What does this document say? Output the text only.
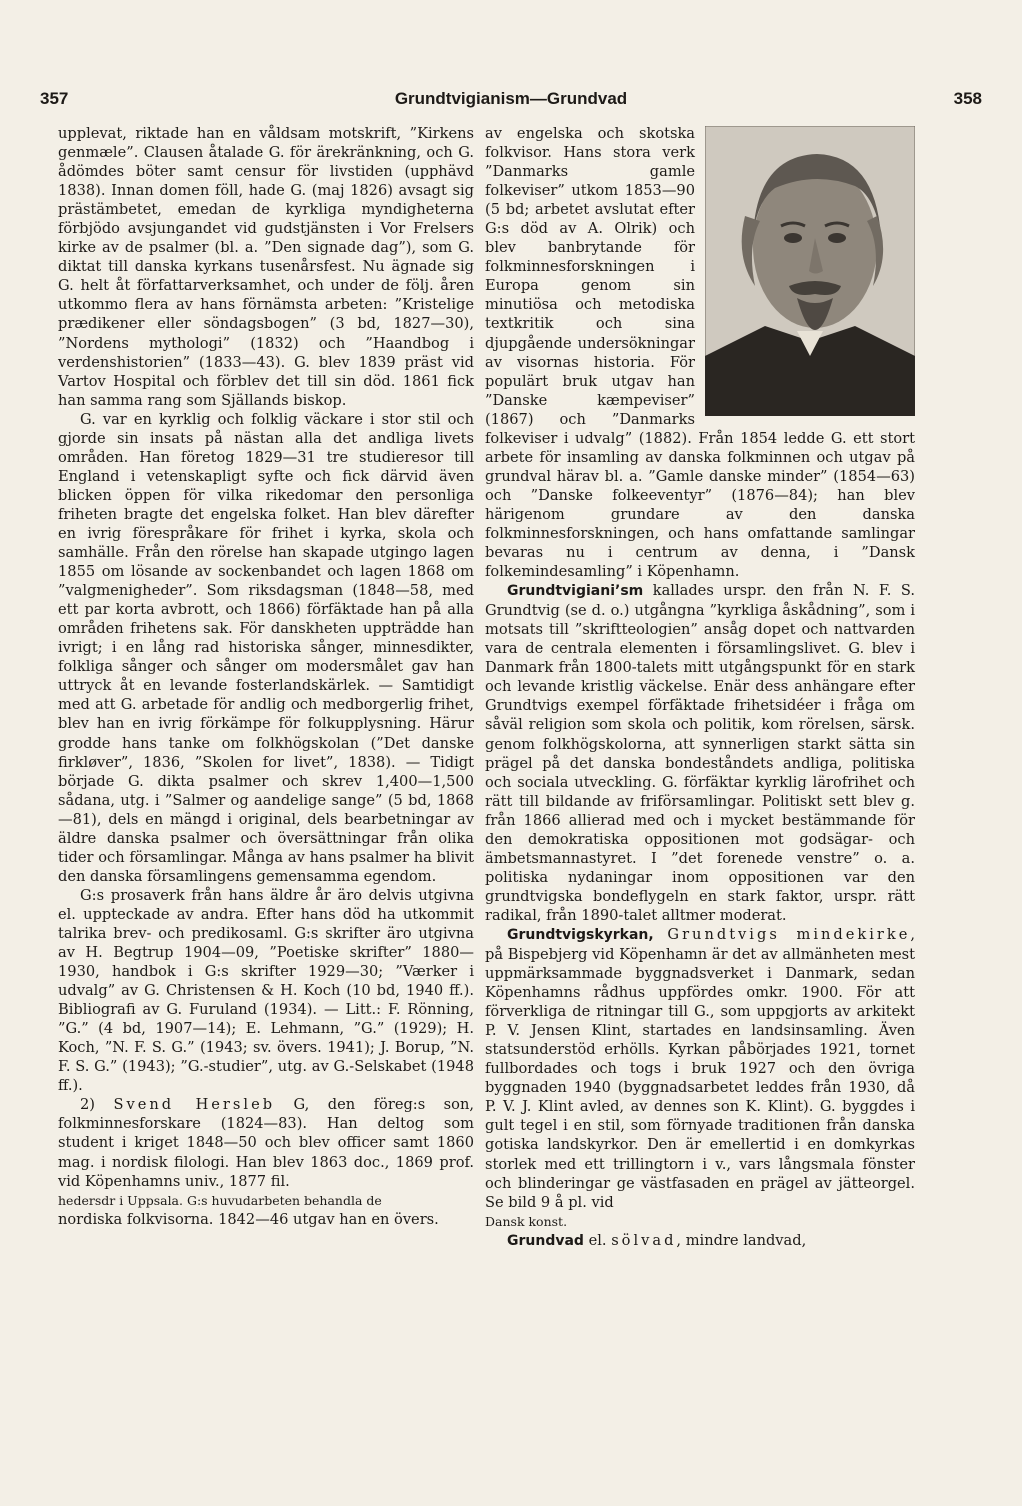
357	Grundtvigianism—Grundvad	358

upplevat, riktade han en våldsam motskrift, ”Kirkens genmæle”. Clausen åtalade G. för ärekränkning, och G. ådömdes böter samt censur för livstiden (upphävd 1838). Innan domen föll, hade G. (maj 1826) avsagt sig prästämbetet, emedan de kyrkliga myndigheterna förbjödo avsjungandet vid gudstjänsten i Vor Frelsers kirke av de psalmer (bl. a. ”Den signade dag”), som G. diktat till danska kyrkans tusenårsfest. Nu ägnade sig G. helt åt författarverksamhet, och under de följ. åren utkommo flera av hans förnämsta arbeten: ”Kristelige prædikener eller söndagsbogen” (3 bd, 1827—30), ”Nordens mythologi” (1832) och ”Haandbog i verdenshistorien” (1833—43). G. blev 1839 präst vid Vartov Hospital och förblev det till sin död. 1861 fick han samma rang som Själlands biskop.

G. var en kyrklig och folklig väckare i stor stil och gjorde sin insats på nästan alla det andliga livets områden. Han företog 1829—31 tre studieresor till England i vetenskapligt syfte och fick därvid även blicken öppen för vilka rikedomar den personliga friheten bragte det engelska folket. Han blev därefter en ivrig förespråkare för frihet i kyrka, skola och samhälle. Från den rörelse han skapade utgingo lagen 1855 om lösande av sockenbandet och lagen 1868 om ”valgmenigheder”. Som riksdagsman (1848—58, med ett par korta avbrott, och 1866) förfäktade han på alla områden frihetens sak. För danskheten uppträdde han ivrigt; i en lång rad historiska sånger, minnesdikter, folkliga sånger och sånger om modersmålet gav han uttryck åt en levande fosterlandskärlek. — Samtidigt med att G. arbetade för andlig och medborgerlig frihet, blev han en ivrig förkämpe för folkupplysning. Härur grodde hans tanke om folkhögskolan (”Det danske firkløver”, 1836, ”Skolen for livet”, 1838). — Tidigt började G. dikta psalmer och skrev 1,400—1,500 sådana, utg. i ”Salmer og aandelige sange” (5 bd, 1868—81), dels en mängd i original, dels bearbetningar av äldre danska psalmer och översättningar från olika tider och församlingar. Många av hans psalmer ha blivit den danska församlingens gemensamma egendom.

G:s prosaverk från hans äldre år äro delvis utgivna el. uppteckade av andra. Efter hans död ha utkommit talrika brev- och predikosaml. G:s skrifter äro utgivna av H. Begtrup 1904—09, ”Poetiske skrifter” 1880—1930, handbok i G:s skrifter 1929—30; ”Værker i udvalg” av G. Christensen & H. Koch (10 bd, 1940 ff.). Bibliografi av G. Furuland (1934). — Litt.: F. Rönning, ”G.” (4 bd, 1907—14); E. Lehmann, ”G.” (1929); H. Koch, ”N. F. S. G.” (1943; sv. övers. 1941); J. Borup, ”N. F. S. G.” (1943); ”G.-studier”, utg. av G.-Selskabet (1948 ff.).

2) Svend Hersleb G, den föreg:s son, folkminnesforskare (1824—83). Han deltog som student i kriget 1848—50 och blev officer samt 1860 mag. i nordisk filologi. Han blev 1863 doc., 1869 prof. vid Köpenhamns univ., 1877 fil.
hedersdr i Uppsala. G:s huvudarbeten behandla de
nordiska folkvisorna. 1842—46 utgav han en övers.

av engelska och skotska folkvisor. Hans stora verk ”Danmarks gamle folkeviser” utkom 1853—90 (5 bd; arbetet avslutat efter G:s död av A. Olrik) och blev banbrytande för folkminnesforskningen i Europa genom sin minutiösa och metodiska textkritik och sina djupgående undersökningar av visornas historia. För populärt bruk utgav han ”Danske kæmpeviser” (1867) och ”Danmarks folkeviser i udvalg” (1882). Från 1854 ledde G. ett stort arbete för insamling av danska folkminnen och utgav på grundval härav bl. a. ”Gamle danske minder” (1854—63) och ”Danske folkeeventyr” (1876—84); han blev härigenom grundare av den danska folkminnesforskningen, och hans omfattande samlingar bevaras nu i centrum av denna, i ”Dansk folkemindesamling” i Köpenhamn.

Grundtvigiani’sm kallades urspr. den från N. F. S. Grundtvig (se d. o.) utgångna ”kyrkliga åskådning”, som i motsats till ”skriftteologien” ansåg dopet och nattvarden vara de centrala elementen i församlingslivet. G. blev i Danmark från 1800-talets mitt utgångspunkt för en stark och levande kristlig väckelse. Enär dess anhängare efter Grundtvigs exempel förfäktade frihetsidéer i fråga om såväl religion som skola och politik, kom rörelsen, särsk. genom folkhögskolorna, att synnerligen starkt sätta sin prägel på det danska bondeståndets andliga, politiska och sociala utveckling. G. förfäktar kyrklig lärofrihet och rätt till bildande av friförsamlingar. Politiskt sett blev g. från 1866 allierad med och i mycket bestämmande för den demokratiska oppositionen mot godsägar- och ämbetsmannastyret. I ”det forenede venstre” o. a. politiska nydaningar inom oppositionen var den grundtvigska bondeflygeln en stark faktor, urspr. rätt radikal, från 1890-talet alltmer moderat.

Grundtvigskyrkan, Grundtvigs mindekirke, på Bispebjerg vid Köpenhamn är det av allmänheten mest uppmärksammade byggnadsverket i Danmark, sedan Köpenhamns rådhus uppfördes omkr. 1900. För att förverkliga de ritningar till G., som uppgjorts av arkitekt P. V. Jensen Klint, startades en landsinsamling. Även statsunderstöd erhölls. Kyrkan påbörjades 1921, tornet fullbordades och togs i bruk 1927 och den övriga byggnaden 1940 (byggnadsarbetet leddes från 1930, då P. V. J. Klint avled, av dennes son K. Klint). G. byggdes i gult tegel i en stil, som förnyade traditionen från danska gotiska landskyrkor. Den är emellertid i en domkyrkas storlek med ett trillingtorn i v., vars långsmala fönster och blinderingar ge västfasaden en prägel av jätteorgel. Se bild 9 å pl. vid
Dansk konst.

Grundvad el. sölvad, mindre landvad,
